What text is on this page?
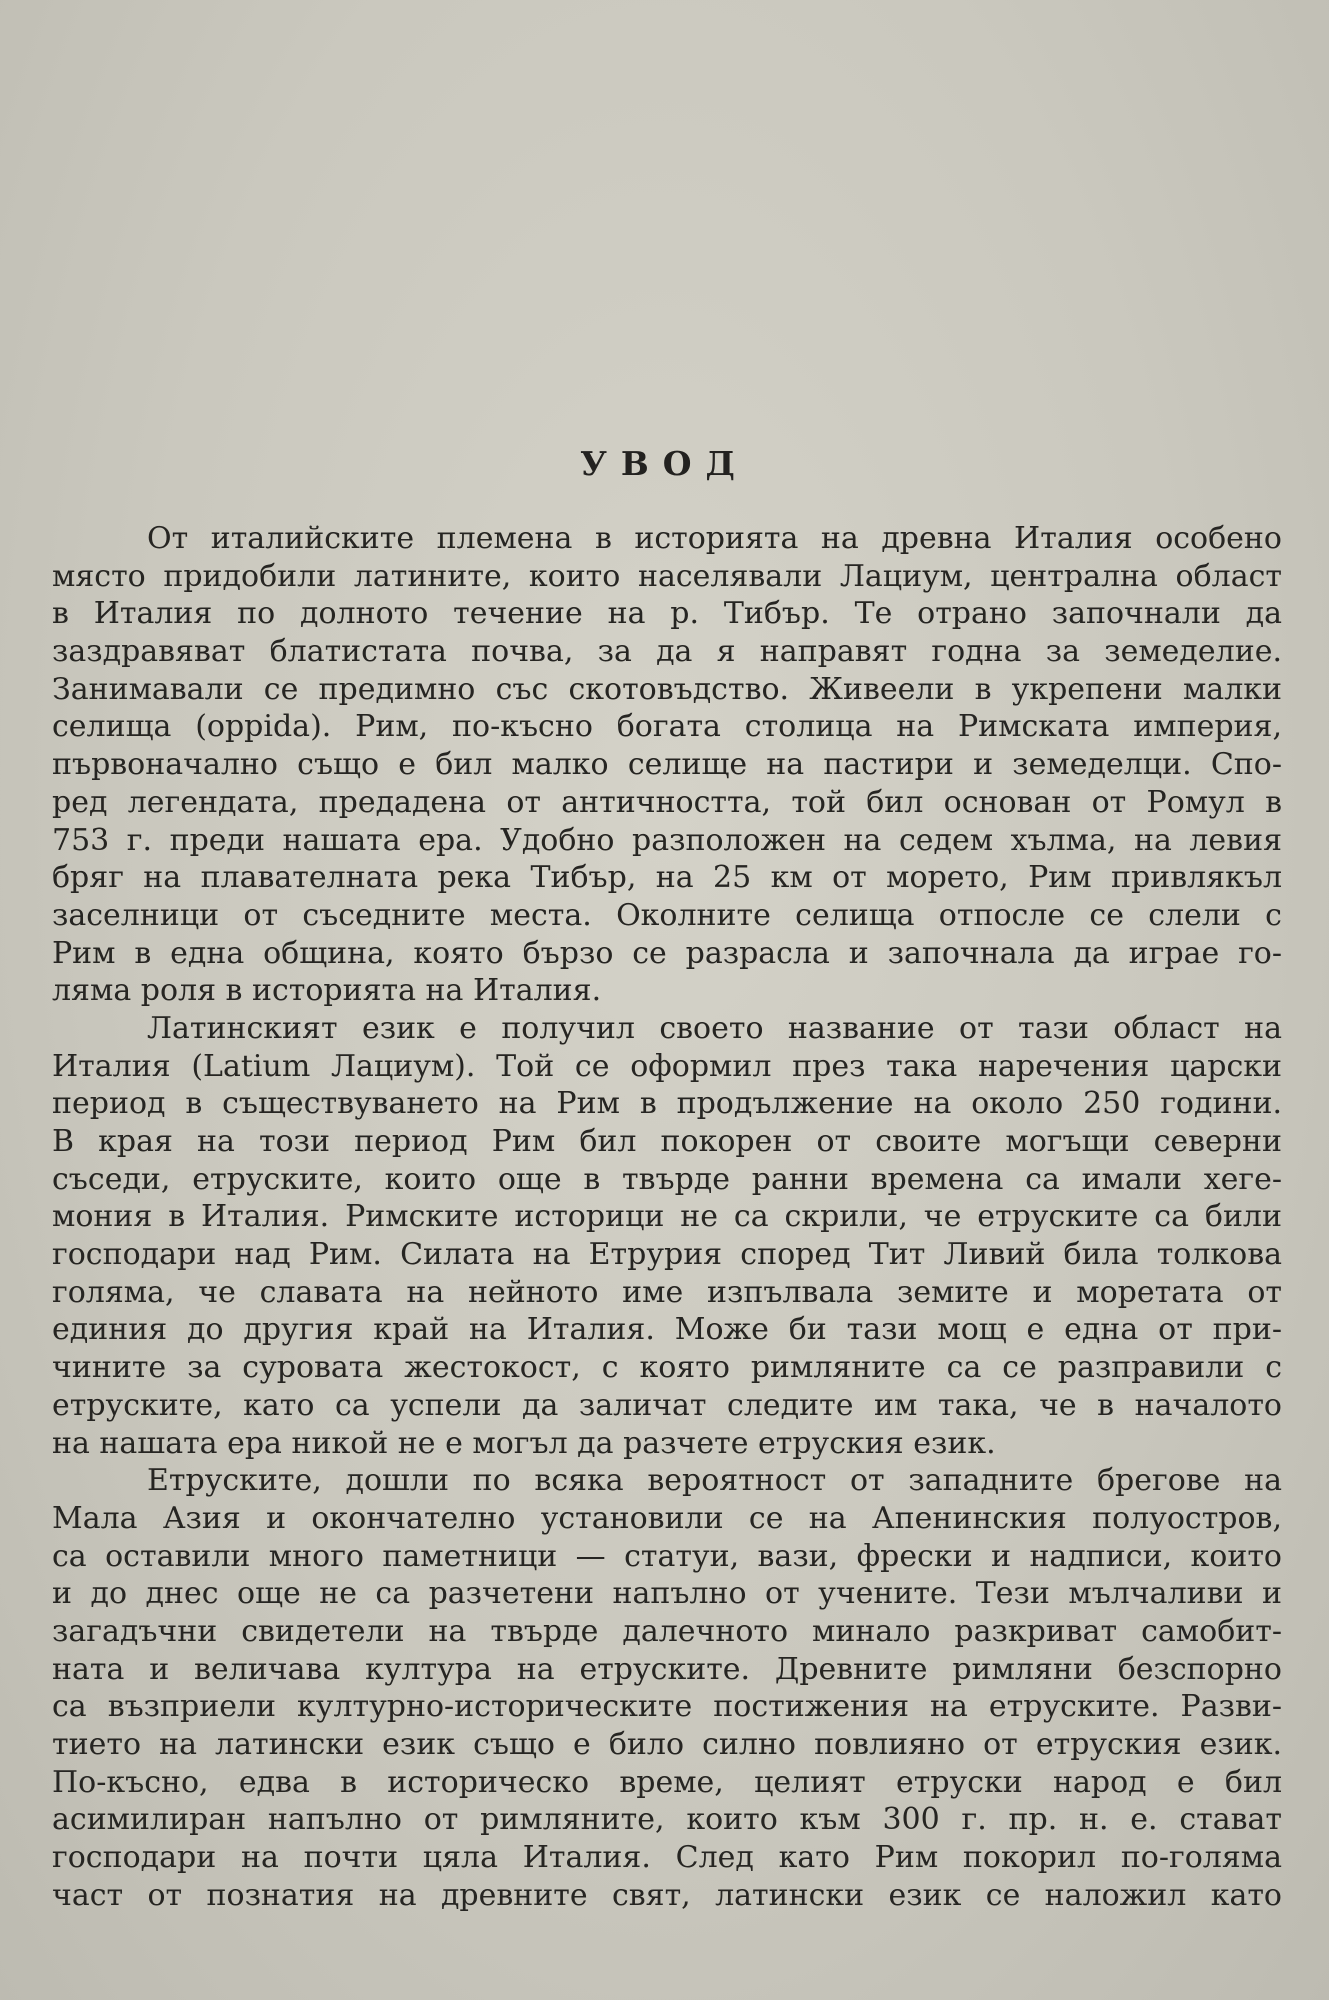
УВОД

От италийските племена в историята на древна Италия особено
място придобили латините, които населявали Лациум, централна област
в Италия по долното течение на р. Тибър. Те отрано започнали да
заздравяват блатистата почва, за да я направят годна за земеделие.
Занимавали се предимно със скотовъдство. Живеели в укрепени малки
селища (oppida). Рим, по-късно богата столица на Римската империя,
първоначално също е бил малко селище на пастири и земеделци. Спо-
ред легендата, предадена от античността, той бил основан от Ромул в
753 г. преди нашата ера. Удобно разположен на седем хълма, на левия
бряг на плавателната река Тибър, на 25 км от морето, Рим привлякъл
заселници от съседните места. Околните селища отпосле се слели с
Рим в една община, която бързо се разрасла и започнала да играе го-
ляма роля в историята на Италия.

Латинският език е получил своето название от тази област на
Италия (Latium Лациум). Той се оформил през така наречения царски
период в съществуването на Рим в продължение на около 250 години.
В края на този период Рим бил покорен от своите могъщи северни
съседи, етруските, които още в твърде ранни времена са имали хеге-
мония в Италия. Римските историци не са скрили, че етруските са били
господари над Рим. Силата на Етрурия според Тит Ливий била толкова
голяма, че славата на нейното име изпълвала земите и моретата от
единия до другия край на Италия. Може би тази мощ е една от при-
чините за суровата жестокост, с която римляните са се разправили с
етруските, като са успели да заличат следите им така, че в началото
на нашата ера никой не е могъл да разчете етруския език.

Етруските, дошли по всяка вероятност от западните брегове на
Мала Азия и окончателно установили се на Апенинския полуостров,
са оставили много паметници — статуи, вази, фрески и надписи, които
и до днес още не са разчетени напълно от учените. Тези мълчаливи и
загадъчни свидетели на твърде далечното минало разкриват самобит-
ната и величава култура на етруските. Древните римляни безспорно
са възприели културно-историческите постижения на етруските. Разви-
тието на латински език също е било силно повлияно от етруския език.
По-късно, едва в историческо време, целият етруски народ е бил
асимилиран напълно от римляните, които към 300 г. пр. н. е. стават
господари на почти цяла Италия. След като Рим покорил по-голяма
част от познатия на древните свят, латински език се наложил като
